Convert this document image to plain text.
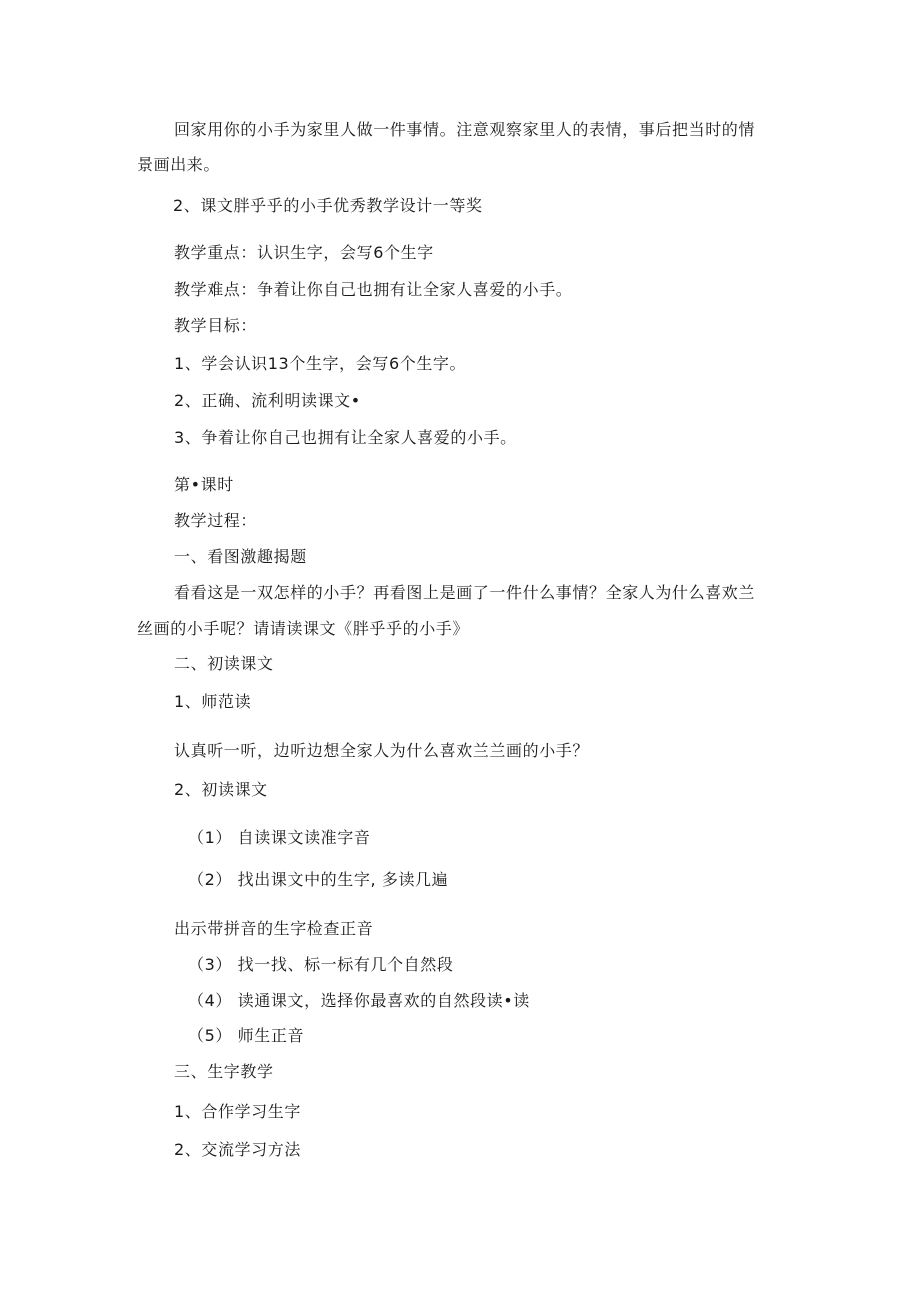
回家用你的小手为家里人做一件事情。注意观察家里人的表情，事后把当时的情

景画出来。

2、课文胖乎乎的小手优秀教学设计一等奖

教学重点：认识生字，会写6个生字

教学难点：争着让你自己也拥有让全家人喜爱的小手。

教学目标：

1、学会认识13个生字，会写6个生字。

2、正确、流利明读课文•

3、争着让你自己也拥有让全家人喜爱的小手。

第•课时

教学过程：

一、看图激趣揭题

看看这是一双怎样的小手？再看图上是画了一件什么事情？全家人为什么喜欢兰

丝画的小手呢？请请读课文《胖乎乎的小手》

二、初读课文

1、师范读

认真听一听，边听边想全家人为什么喜欢兰兰画的小手？

2、初读课文

（1） 自读课文读准字音

（2） 找出课文中的生字, 多读几遍

出示带拼音的生字检查正音

（3） 找一找、标一标有几个自然段

（4） 读通课文，选择你最喜欢的自然段读•读

（5） 师生正音

三、生字教学

1、合作学习生字

2、交流学习方法
